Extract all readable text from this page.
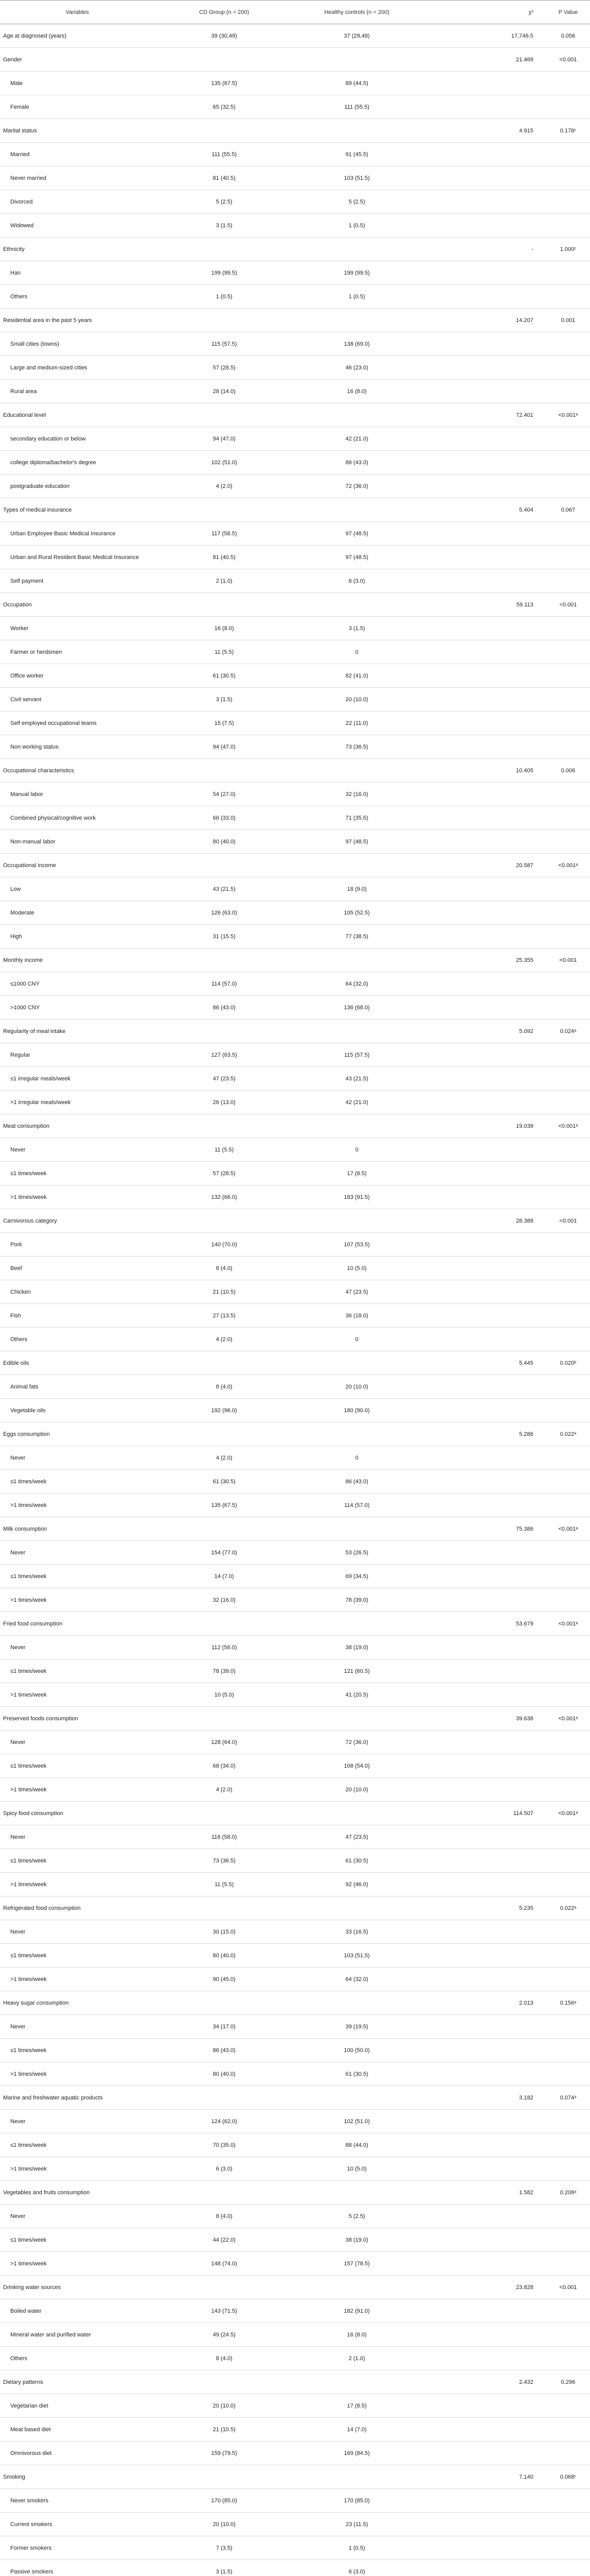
Variables	CD Group (n = 200)	Healthy controls (n = 200)	χ²	P Value
Age at diagnosed (years)	39 (30,49)	37 (29,48)	17,746.5	0.056
Gender			21.469	<0.001
Male	135 (67.5)	89 (44.5)		
Female	65 (32.5)	111 (55.5)		
Marital status			4.915	0.178ᶜ
Married	111 (55.5)	91 (45.5)		
Never married	81 (40.5)	103 (51.5)		
Divorced	5 (2.5)	5 (2.5)		
Widowed	3 (1.5)	1 (0.5)		
Ethnicity			-	1.000ᶜ
Han	199 (99.5)	199 (99.5)		
Others	1 (0.5)	1 (0.5)		
Residential area in the past 5 years			14.207	0.001
Small cities (towns)	115 (57.5)	138 (69.0)		
Large and medium-sized cities	57 (28.5)	46 (23.0)		
Rural area	28 (14.0)	16 (8.0)		
Educational level			72.401	<0.001ᵃ
secondary education or below	94 (47.0)	42 (21.0)		
college diploma/bachelor's degree	102 (51.0)	86 (43.0)		
postgraduate education	4 (2.0)	72 (36.0)		
Types of medical insurance			5.404	0.067
Urban Employee Basic Medical Insurance	117 (58.5)	97 (48.5)		
Urban and Rural Resident Basic Medical Insurance	81 (40.5)	97 (48.5)		
Self payment	2 (1.0)	6 (3.0)		
Occupation			59.113	<0.001
Worker	16 (8.0)	3 (1.5)		
Farmer or herdsmen	11 (5.5)	0		
Office worker	61 (30.5)	82 (41.0)		
Civil servant	3 (1.5)	20 (10.0)		
Self employed occupational teams	15 (7.5)	22 (11.0)		
Non working status	94 (47.0)	73 (36.5)		
Occupational characteristics			10.405	0.006
Manual labor	54 (27.0)	32 (16.0)		
Combined physical/cognitive work	66 (33.0)	71 (35.5)		
Non-manual labor	80 (40.0)	97 (48.5)		
Occupational income			20.587	<0.001ᵃ
Low	43 (21.5)	18 (9.0)		
Moderate	126 (63.0)	105 (52.5)		
High	31 (15.5)	77 (38.5)		
Monthly income			25.355	<0.001
≤1000 CNY	114 (57.0)	64 (32.0)		
>1000 CNY	86 (43.0)	136 (68.0)		
Regularity of meal intake			5.092	0.024ᵃ
Regular	127 (63.5)	115 (57.5)		
≤1 irregular meals/week	47 (23.5)	43 (21.5)		
>1 irregular meals/week	26 (13.0)	42 (21.0)		
Meat consumption			19.038	<0.001ᵃ
Never	11 (5.5)	0		
≤1 times/week	57 (28.5)	17 (8.5)		
>1 times/week	132 (66.0)	183 (91.5)		
Carnivorous category			28.388	<0.001
Pork	140 (70.0)	107 (53.5)		
Beef	8 (4.0)	10 (5.0)		
Chicken	21 (10.5)	47 (23.5)		
Fish	27 (13.5)	36 (18.0)		
Others	4 (2.0)	0		
Edible oils			5.445	0.020ᵇ
Animal fats	8 (4.0)	20 (10.0)		
Vegetable oils	192 (96.0)	180 (90.0)		
Eggs consumption			5.286	0.022ᵃ
Never	4 (2.0)	0		
≤1 times/week	61 (30.5)	86 (43.0)		
>1 times/week	135 (67.5)	114 (57.0)		
Milk consumption			75.386	<0.001ᵃ
Never	154 (77.0)	53 (26.5)		
≤1 times/week	14 (7.0)	69 (34.5)		
>1 times/week	32 (16.0)	78 (39.0)		
Fried food consumption			53.679	<0.001ᵃ
Never	112 (56.0)	38 (19.0)		
≤1 times/week	78 (39.0)	121 (60.5)		
>1 times/week	10 (5.0)	41 (20.5)		
Preserved foods consumption			39.638	<0.001ᵃ
Never	128 (64.0)	72 (36.0)		
≤1 times/week	68 (34.0)	108 (54.0)		
>1 times/week	4 (2.0)	20 (10.0)		
Spicy food consumption			114.507	<0.001ᵃ
Never	116 (58.0)	47 (23.5)		
≤1 times/week	73 (36.5)	61 (30.5)		
>1 times/week	11 (5.5)	92 (46.0)		
Refrigerated food consumption			5.235	0.022ᵃ
Never	30 (15.0)	33 (16.5)		
≤1 times/week	80 (40.0)	103 (51.5)		
>1 times/week	90 (45.0)	64 (32.0)		
Heavy sugar consumption			2.013	0.156ᵃ
Never	34 (17.0)	39 (19.5)		
≤1 times/week	86 (43.0)	100 (50.0)		
>1 times/week	80 (40.0)	61 (30.5)		
Marine and freshwater aquatic products			3.182	0.074ᵃ
Never	124 (62.0)	102 (51.0)		
≤1 times/week	70 (35.0)	88 (44.0)		
>1 times/week	6 (3.0)	10 (5.0)		
Vegetables and fruits consumption			1.582	0.208ᵃ
Never	8 (4.0)	5 (2.5)		
≤1 times/week	44 (22.0)	38 (19.0)		
>1 times/week	148 (74.0)	157 (78.5)		
Drinking water sources			23.828	<0.001
Boiled water	143 (71.5)	182 (91.0)		
Mineral water and purified water	49 (24.5)	16 (8.0)		
Others	8 (4.0)	2 (1.0)		
Dietary patterns			2.432	0.296
Vegetarian diet	20 (10.0)	17 (8.5)		
Meat based diet	21 (10.5)	14 (7.0)		
Omnivorous diet	159 (79.5)	169 (84.5)		
Smoking			7.140	0.068ᶜ
Never smokers	170 (85.0)	170 (85.0)		
Current smokers	20 (10.0)	23 (11.5)		
Former smokers	7 (3.5)	1 (0.5)		
Passive smokers	3 (1.5)	6 (3.0)		
